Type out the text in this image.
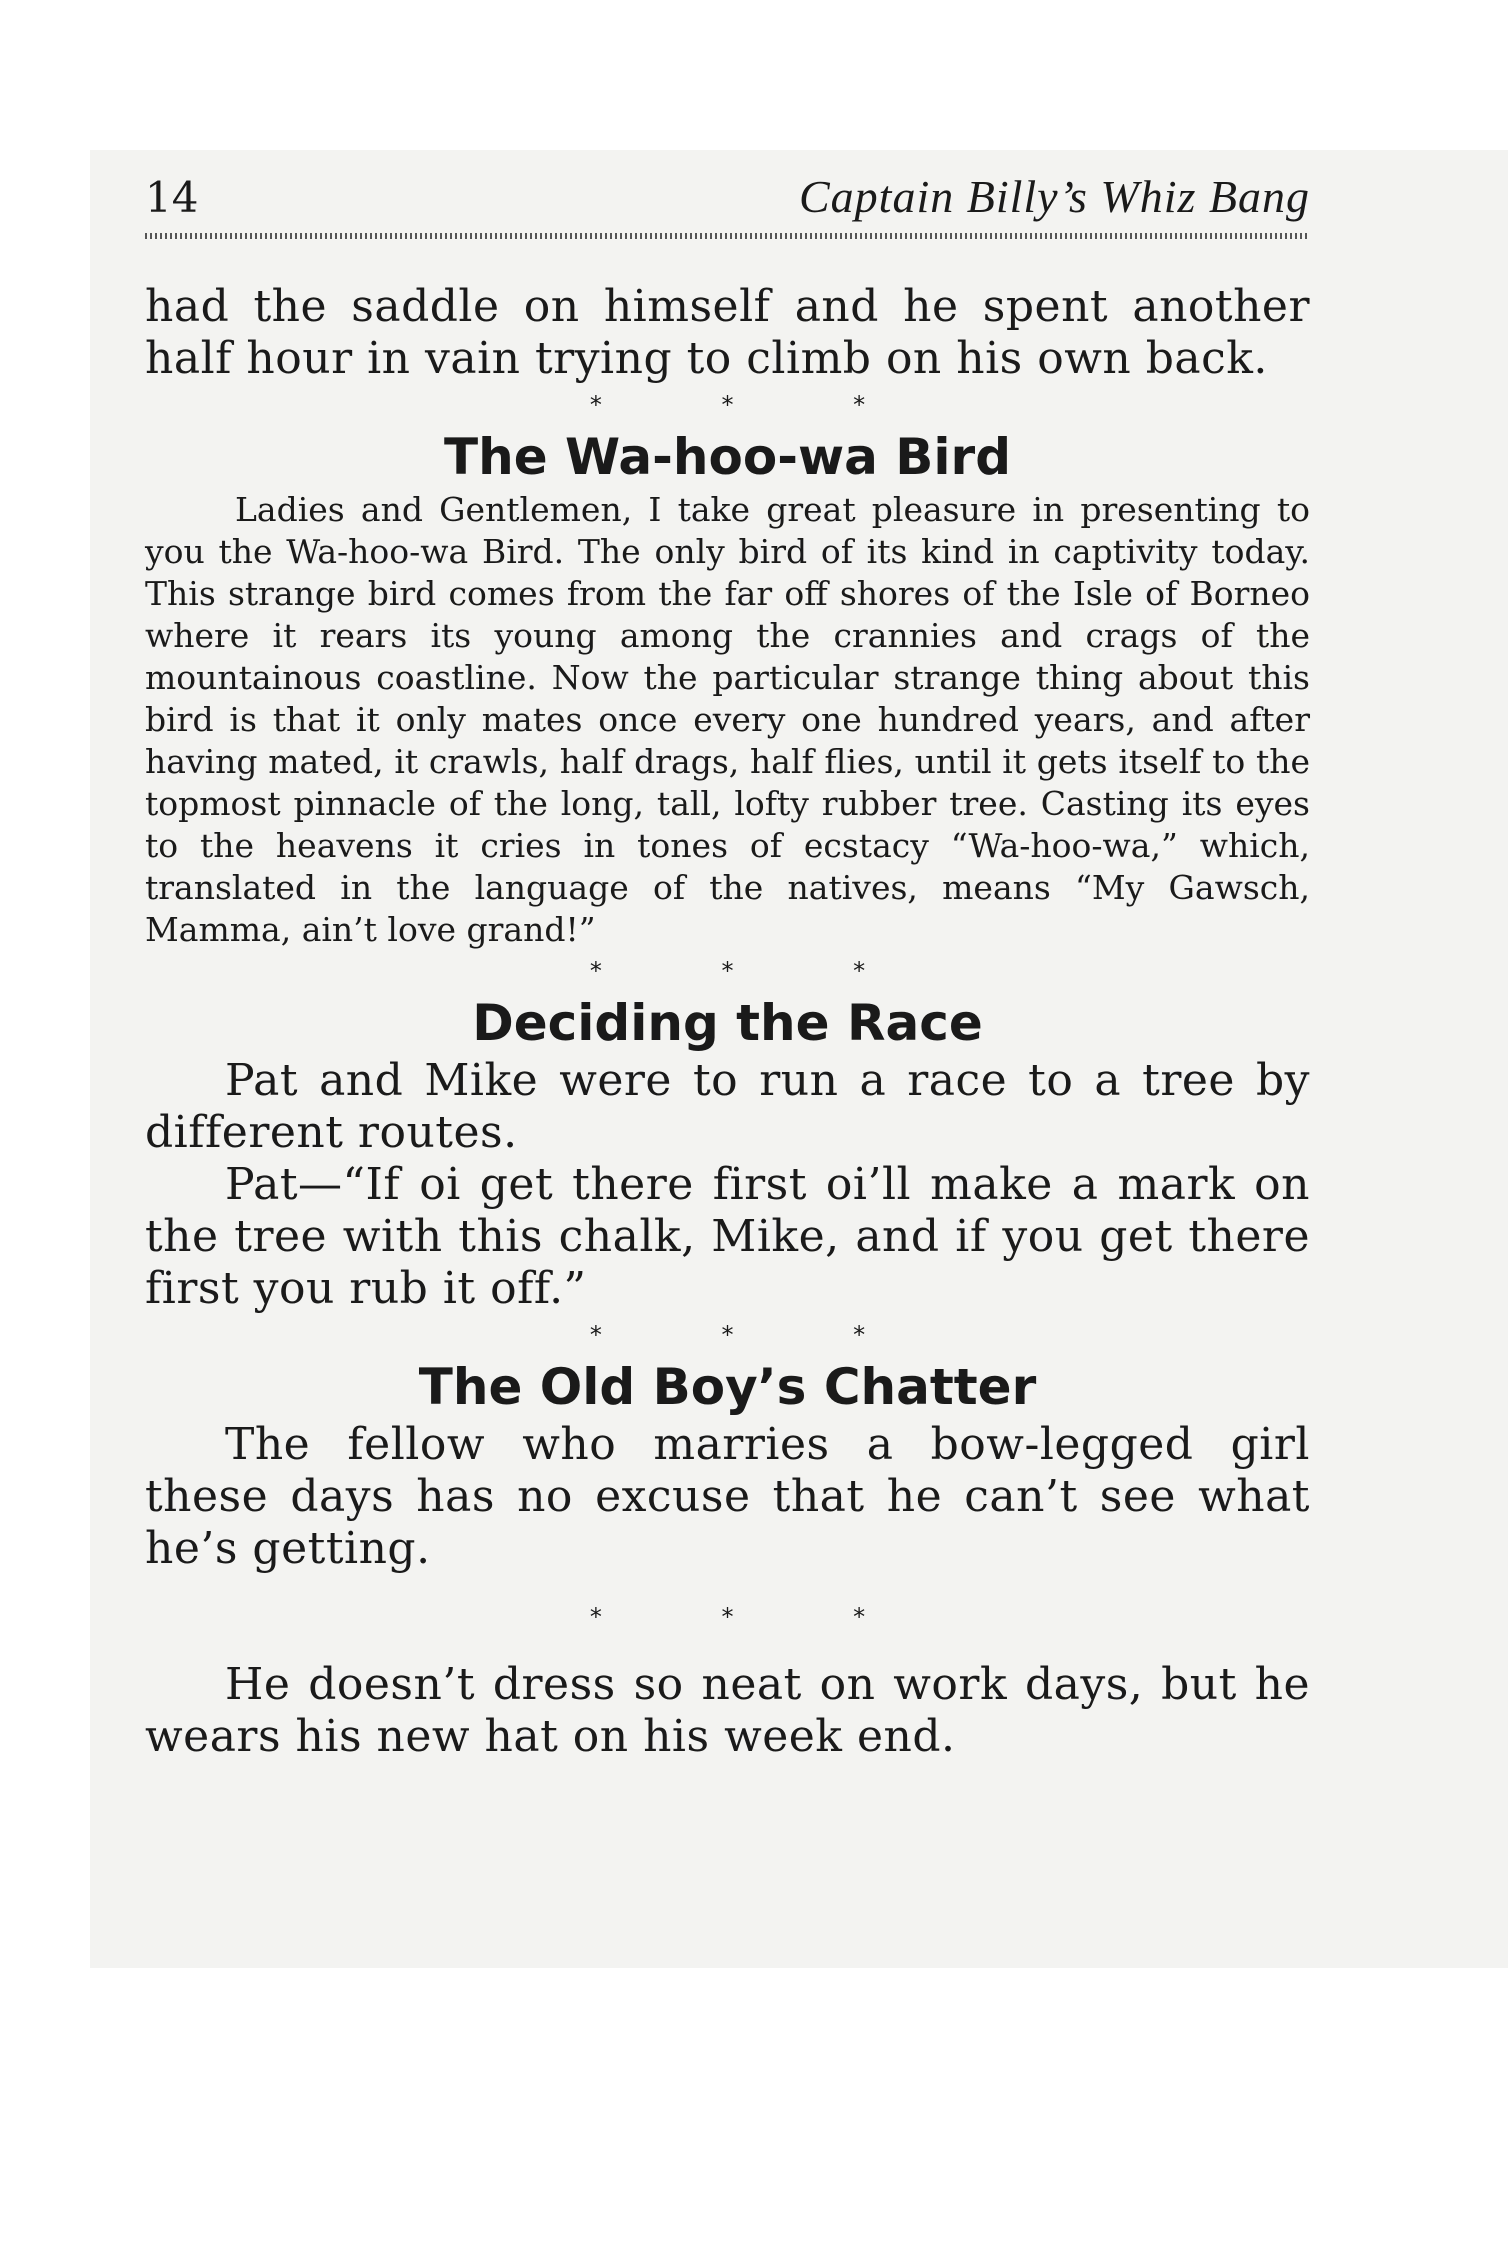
14	Captain Billy’s Whiz Bang

had the saddle on himself and he spent another half hour in vain trying to climb on his own back.

* * *
The Wa-hoo-wa Bird

Ladies and Gentlemen, I take great pleasure in presenting to you the Wa-hoo-wa Bird. The only bird of its kind in captivity today. This strange bird comes from the far off shores of the Isle of Borneo where it rears its young among the crannies and crags of the mountainous coastline. Now the particular strange thing about this bird is that it only mates once every one hundred years, and after having mated, it crawls, half drags, half flies, until it gets itself to the topmost pinnacle of the long, tall, lofty rubber tree. Casting its eyes to the heavens it cries in tones of ecstacy “Wa-hoo-wa,” which, translated in the language of the natives, means “My Gawsch, Mamma, ain’t love grand!”

* * *
Deciding the Race

Pat and Mike were to run a race to a tree by different routes.

Pat—“If oi get there first oi’ll make a mark on the tree with this chalk, Mike, and if you get there first you rub it off.”

* * *
The Old Boy’s Chatter

The fellow who marries a bow-legged girl these days has no excuse that he can’t see what he’s getting.

* * *

He doesn’t dress so neat on work days, but he wears his new hat on his week end.
